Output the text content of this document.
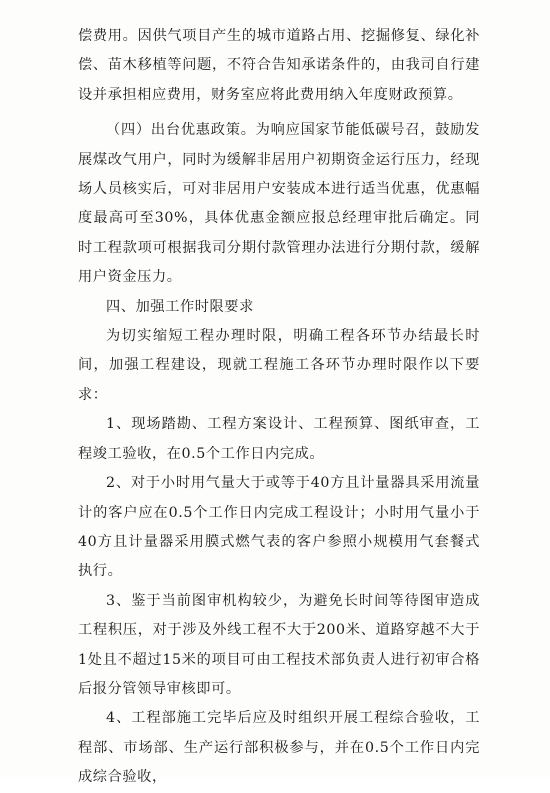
偿费用。因供气项目产生的城市道路占用、挖掘修复、绿化补偿、苗木移植等问题，不符合告知承诺条件的，由我司自行建设并承担相应费用，财务室应将此费用纳入年度财政预算。

（四）出台优惠政策。为响应国家节能低碳号召，鼓励发展煤改气用户，同时为缓解非居用户初期资金运行压力，经现场人员核实后，可对非居用户安装成本进行适当优惠，优惠幅度最高可至30%，具体优惠金额应报总经理审批后确定。同时工程款项可根据我司分期付款管理办法进行分期付款，缓解用户资金压力。

四、加强工作时限要求

为切实缩短工程办理时限，明确工程各环节办结最长时间，加强工程建设，现就工程施工各环节办理时限作以下要求：

1、现场踏勘、工程方案设计、工程预算、图纸审查，工程竣工验收，在0.5个工作日内完成。

2、对于小时用气量大于或等于40方且计量器具采用流量计的客户应在0.5个工作日内完成工程设计；小时用气量小于40方且计量器采用膜式燃气表的客户参照小规模用气套餐式执行。

3、鉴于当前图审机构较少，为避免长时间等待图审造成工程积压，对于涉及外线工程不大于200米、道路穿越不大于1处且不超过15米的项目可由工程技术部负责人进行初审合格后报分管领导审核即可。

4、工程部施工完毕后应及时组织开展工程综合验收，工程部、市场部、生产运行部积极参与，并在0.5个工作日内完成综合验收，
